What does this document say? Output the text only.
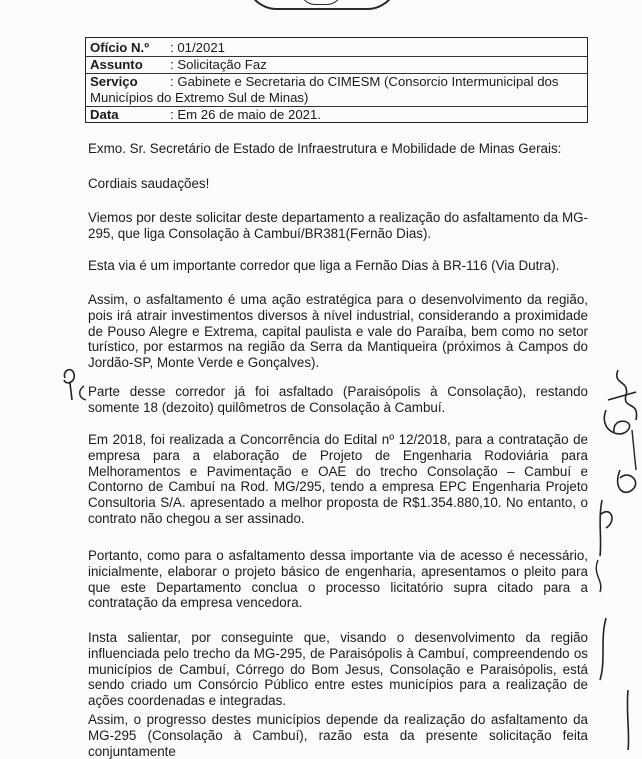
Ofício N.º : 01/2021
Assunto : Solicitação Faz
Serviço : Gabinete e Secretaria do CIMESM (Consorcio Intermunicipal dos
Municípios do Extremo Sul de Minas)
Data	: Em 26 de maio de 2021.
Exmo. Sr. Secretário de Estado de Infraestrutura e Mobilidade de Minas Gerais:
Cordiais saudações!

Viemos por deste solicitar deste departamento a realização do asfaltamento da MG-295, que liga Consolação à Cambuí/BR381(Fernão Dias).

Esta via é um importante corredor que liga a Fernão Dias à BR-116 (Via Dutra).

Assim, o asfaltamento é uma ação estratégica para o desenvolvimento da região, pois irá atrair investimentos diversos à nível industrial, considerando a proximidade de Pouso Alegre e Extrema, capital paulista e vale do Paraíba, bem como no setor turístico, por estarmos na região da Serra da Mantiqueira (próximos à Campos do Jordão-SP, Monte Verde e Gonçalves).

Parte desse corredor já foi asfaltado (Paraisópolis à Consolação), restando somente 18 (dezoito) quilômetros de Consolação à Cambuí.

Em 2018, foi realizada a Concorrência do Edital nº 12/2018, para a contratação de empresa para a elaboração de Projeto de Engenharia Rodoviária para Melhoramentos e Pavimentação e OAE do trecho Consolação – Cambuí e Contorno de Cambuí na Rod. MG/295, tendo a empresa EPC Engenharia Projeto Consultoria S/A. apresentado a melhor proposta de R$1.354.880,10. No entanto, o contrato não chegou a ser assinado.

Portanto, como para o asfaltamento dessa importante via de acesso é necessário, inicialmente, elaborar o projeto básico de engenharia, apresentamos o pleito para que este Departamento conclua o processo licitatório supra citado para a contratação da empresa vencedora.

Insta salientar, por conseguinte que, visando o desenvolvimento da região influenciada pelo trecho da MG-295, de Paraisópolis à Cambuí, compreendendo os municípios de Cambuí, Córrego do Bom Jesus, Consolação e Paraisópolis, está sendo criado um Consórcio Público entre estes municípios para a realização de ações coordenadas e integradas.

Assim, o progresso destes municípios depende da realização do asfaltamento da MG-295 (Consolação à Cambuí), razão esta da presente solicitação feita conjuntamente
